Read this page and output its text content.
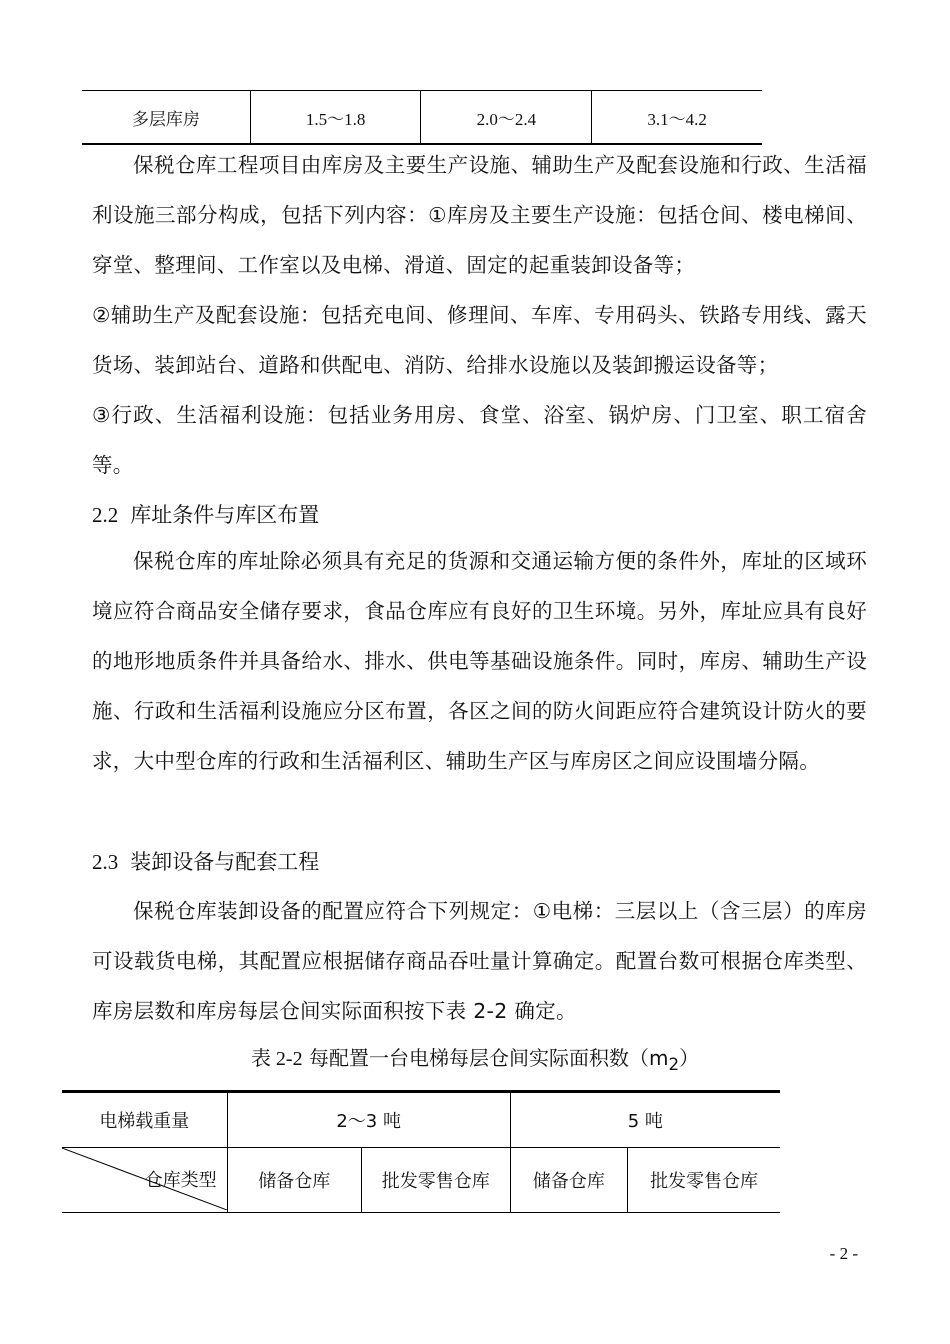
多层库房	1.5～1.8	2.0～2.4	3.1～4.2

保税仓库工程项目由库房及主要生产设施、辅助生产及配套设施和行政、生活福利设施三部分构成，包括下列内容：①库房及主要生产设施：包括仓间、楼电梯间、穿堂、整理间、工作室以及电梯、滑道、固定的起重装卸设备等；

②辅助生产及配套设施：包括充电间、修理间、车库、专用码头、铁路专用线、露天货场、装卸站台、道路和供配电、消防、给排水设施以及装卸搬运设备等；

③行政、生活福利设施：包括业务用房、食堂、浴室、锅炉房、门卫室、职工宿舍等。

2.2 库址条件与库区布置

保税仓库的库址除必须具有充足的货源和交通运输方便的条件外，库址的区域环境应符合商品安全储存要求，食品仓库应有良好的卫生环境。另外，库址应具有良好的地形地质条件并具备给水、排水、供电等基础设施条件。同时，库房、辅助生产设施、行政和生活福利设施应分区布置，各区之间的防火间距应符合建筑设计防火的要求，大中型仓库的行政和生活福利区、辅助生产区与库房区之间应设围墙分隔。

2.3 装卸设备与配套工程

保税仓库装卸设备的配置应符合下列规定：①电梯：三层以上（含三层）的库房可设载货电梯，其配置应根据储存商品吞吐量计算确定。配置台数可根据仓库类型、库房层数和库房每层仓间实际面积按下表 2-2 确定。

表 2-2 每配置一台电梯每层仓间实际面积数$(m_2)$

电梯载重量	2～3 吨		5 吨	

仓库类型	储备仓库	批发零售仓库	储备仓库	批发零售仓库
- 2 -
